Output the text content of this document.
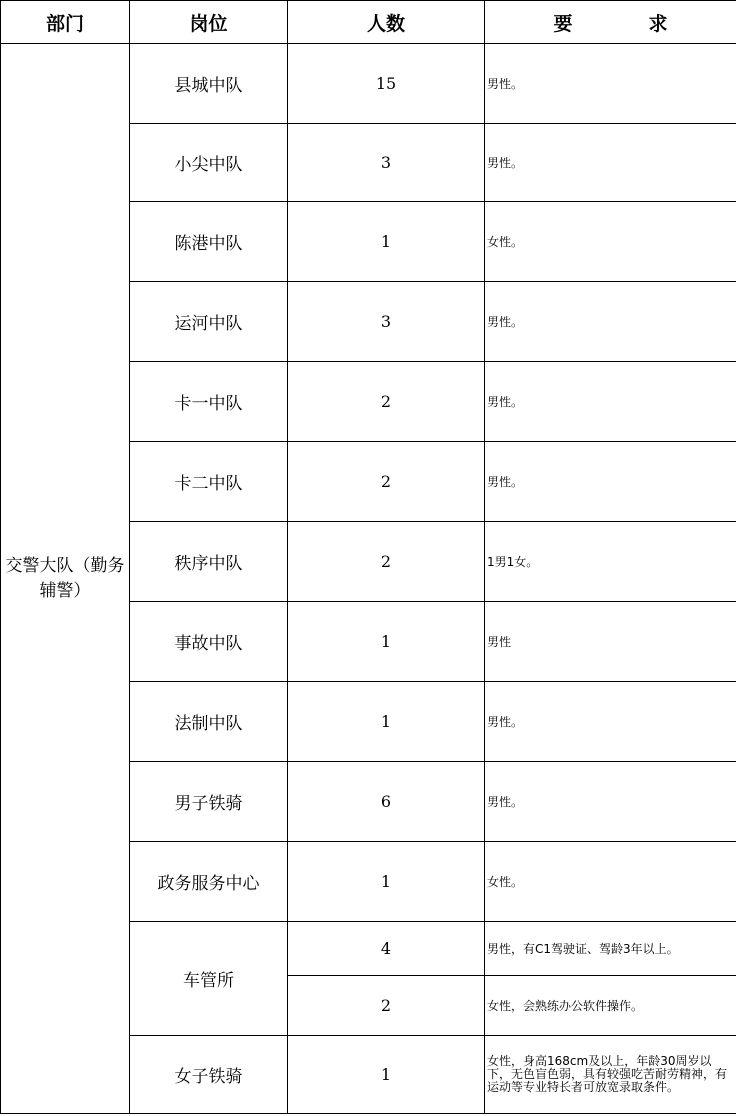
部门	岗位	人数	要　　　　求
交警大队（勤务辅警）	县城中队	15	男性。
	小尖中队	3	男性。
	陈港中队	1	女性。
	运河中队	3	男性。
	卡一中队	2	男性。
	卡二中队	2	男性。
	秩序中队	2	1男1女。
	事故中队	1	男性
	法制中队	1	男性。
	男子铁骑	6	男性。
	政务服务中心	1	女性。
	车管所	4	男性，有C1驾驶证、驾龄3年以上。
		2	女性，会熟练办公软件操作。
	女子铁骑	1	女性，身高168cm及以上，年龄30周岁以下，无色盲色弱，具有较强吃苦耐劳精神，有运动等专业特长者可放宽录取条件。
